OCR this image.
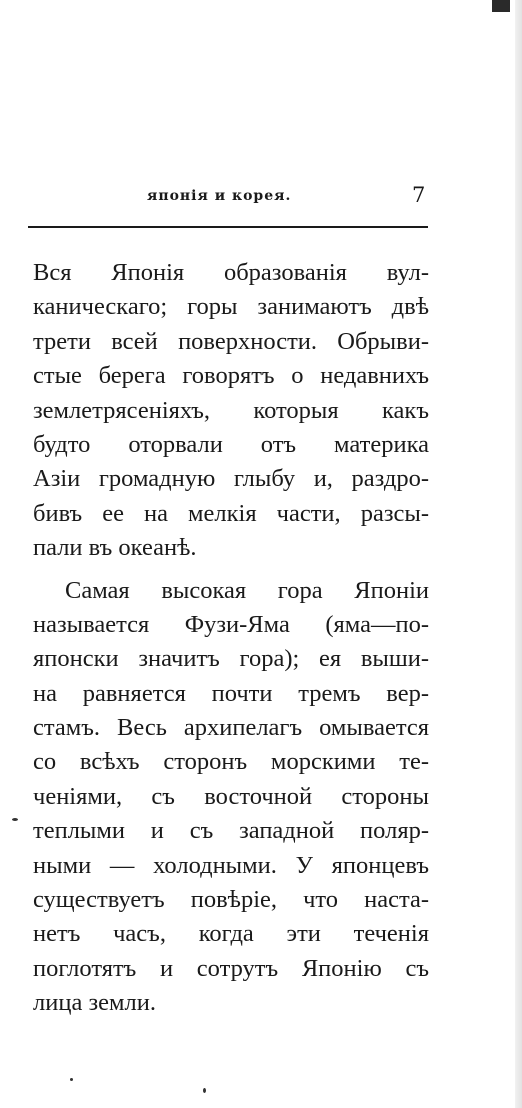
японія и корея.	7
Вся Японія образованія вул-
каническаго; горы занимаютъ двѣ
трети всей поверхности. Обрыви-
стые берега говорятъ о недавнихъ
землетрясеніяхъ, которыя какъ
будто оторвали отъ материка
Азіи громадную глыбу и, раздро-
бивъ ее на мелкія части, разсы-
пали въ океанѣ.
Самая высокая гора Японіи
называется Фузи-Яма (яма—по-
японски значитъ гора); ея выши-
на равняется почти тремъ вер-
стамъ. Весь архипелагъ омывается
со всѣхъ сторонъ морскими те-
ченіями, съ восточной стороны
теплыми и съ западной поляр-
ными — холодными. У японцевъ
существуетъ повѣріе, что наста-
нетъ часъ, когда эти теченія
поглотятъ и сотрутъ Японію съ
лица земли.
